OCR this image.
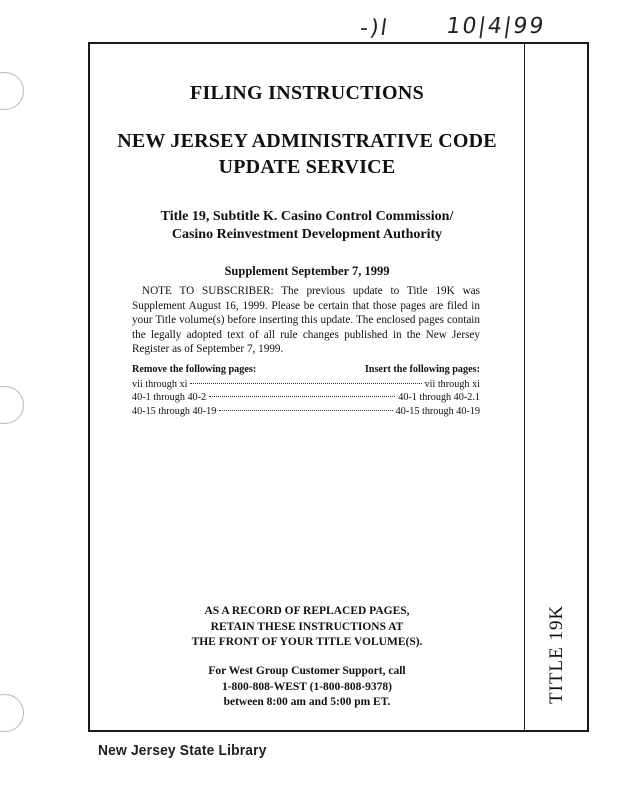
-)l 10|4|99
FILING INSTRUCTIONS
NEW JERSEY ADMINISTRATIVE CODE
UPDATE SERVICE
Title 19, Subtitle K. Casino Control Commission/
Casino Reinvestment Development Authority
Supplement September 7, 1999
NOTE TO SUBSCRIBER: The previous update to Title 19K was Supplement August 16, 1999. Please be certain that those pages are filed in your Title volume(s) before inserting this update. The enclosed pages contain the legally adopted text of all rule changes published in the New Jersey Register as of September 7, 1999.
Remove the following pages:	Insert the following pages:
vii through xi	vii through xi
40-1 through 40-2	40-1 through 40-2.1
40-15 through 40-19	40-15 through 40-19
AS A RECORD OF REPLACED PAGES,
RETAIN THESE INSTRUCTIONS AT
THE FRONT OF YOUR TITLE VOLUME(S).
For West Group Customer Support, call
1-800-808-WEST (1-800-808-9378)
between 8:00 am and 5:00 pm ET.	TITLE 19K
New Jersey State Library
